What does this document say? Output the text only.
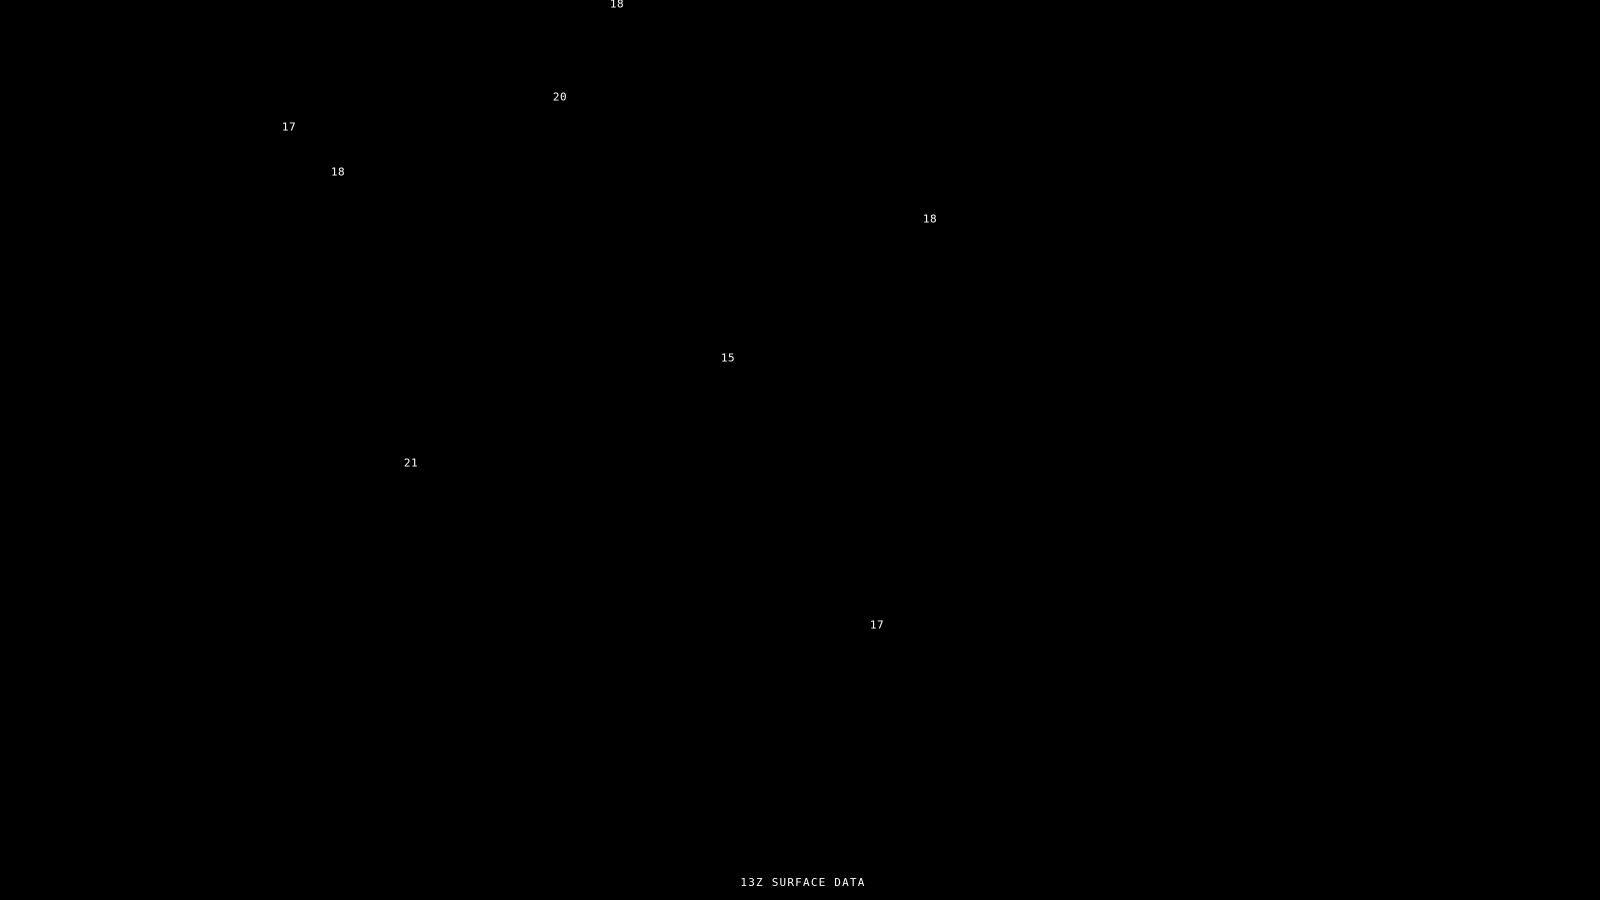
18
20
17
18
18
15
21
17
13Z SURFACE DATA
